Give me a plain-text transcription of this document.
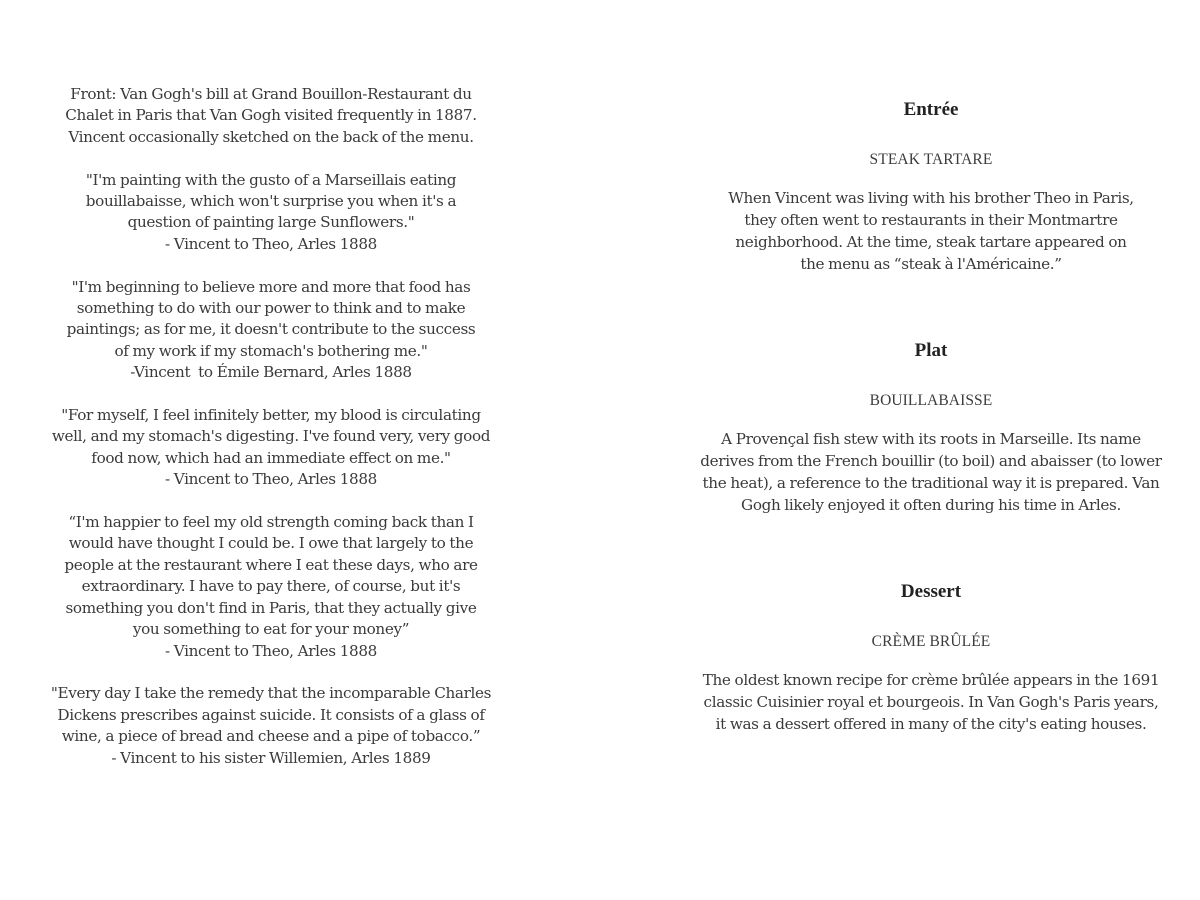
Front: Van Gogh's bill at Grand Bouillon-Restaurant du
Chalet in Paris that Van Gogh visited frequently in 1887.
Vincent occasionally sketched on the back of the menu.

"I'm painting with the gusto of a Marseillais eating
bouillabaisse, which won't surprise you when it's a
question of painting large Sunflowers."
- Vincent to Theo, Arles 1888

"I'm beginning to believe more and more that food has
something to do with our power to think and to make
paintings; as for me, it doesn't contribute to the success
of my work if my stomach's bothering me."
-Vincent  to Émile Bernard, Arles 1888

"For myself, I feel infinitely better, my blood is circulating
well, and my stomach's digesting. I've found very, very good
food now, which had an immediate effect on me."
- Vincent to Theo, Arles 1888

“I'm happier to feel my old strength coming back than I
would have thought I could be. I owe that largely to the
people at the restaurant where I eat these days, who are
extraordinary. I have to pay there, of course, but it's
something you don't find in Paris, that they actually give
you something to eat for your money”
- Vincent to Theo, Arles 1888

"Every day I take the remedy that the incomparable Charles
Dickens prescribes against suicide. It consists of a glass of
wine, a piece of bread and cheese and a pipe of tobacco.”
- Vincent to his sister Willemien, Arles 1889

Entrée
STEAK TARTARE

When Vincent was living with his brother Theo in Paris,
they often went to restaurants in their Montmartre
neighborhood. At the time, steak tartare appeared on
the menu as “steak à l'Américaine.”

Plat
BOUILLABAISSE

A Provençal fish stew with its roots in Marseille. Its name
derives from the French bouillir (to boil) and abaisser (to lower
the heat), a reference to the traditional way it is prepared. Van
Gogh likely enjoyed it often during his time in Arles.

Dessert
CRÈME BRÛLÉE

The oldest known recipe for crème brûlée appears in the 1691
classic Cuisinier royal et bourgeois. In Van Gogh's Paris years,
it was a dessert offered in many of the city's eating houses.
